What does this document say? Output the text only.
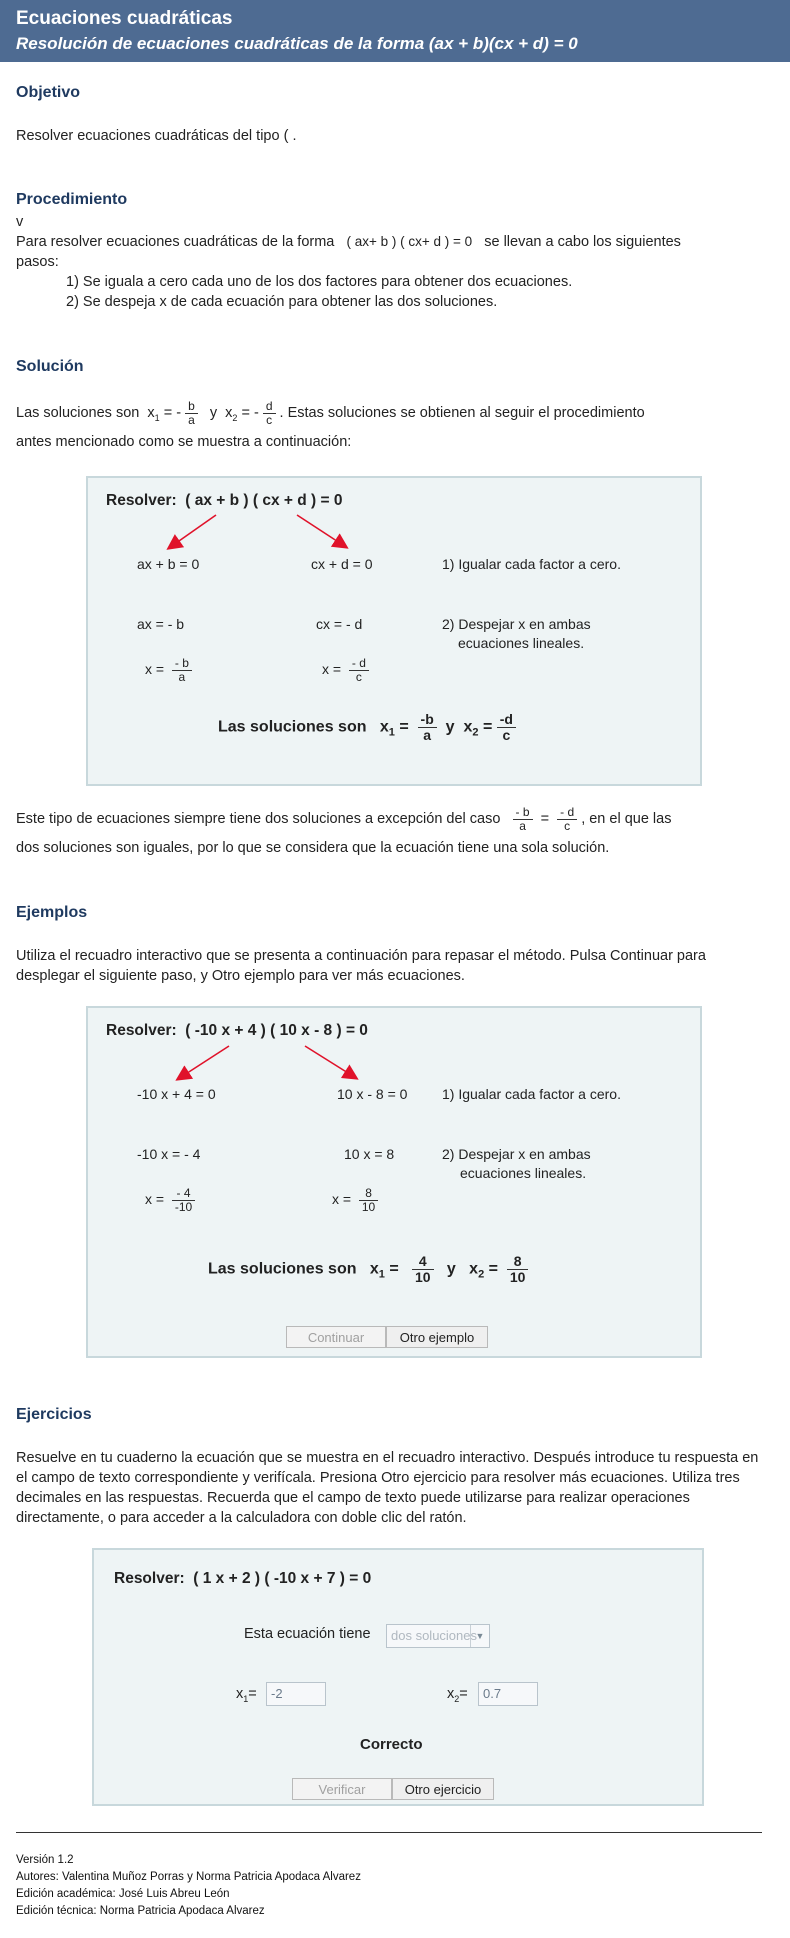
Ecuaciones cuadráticas
Resolución de ecuaciones cuadráticas de la forma (ax + b)(cx + d) = 0
Objetivo
Resolver ecuaciones cuadráticas del tipo ( .
Procedimiento
v
Para resolver ecuaciones cuadráticas de la forma ( ax+ b ) ( cx+ d ) = 0 se llevan a cabo los siguientes
pasos:
1) Se iguala a cero cada uno de los dos factores para obtener dos ecuaciones.
2) Se despeja x de cada ecuación para obtener las dos soluciones.
Solución
Las soluciones son $x_1$ = - $\frac{b}{a}$ y $x_2$ = - $\frac{d}{c}$ . Estas soluciones se obtienen al seguir el procedimiento
antes mencionado como se muestra a continuación:
Resolver: ( ax + b ) ( cx + d ) = 0
ax + b = 0	cx + d = 0	1) Igualar cada factor a cero.
ax = - b	cx = - d	2) Despejar x en ambas
ecuaciones lineales.
$x = \frac{- b}{a}$	$x = \frac{- d}{c}$
Las soluciones son $x_1 = \frac{-b}{a}$ y $x_2 = \frac{-d}{c}$
Este tipo de ecuaciones siempre tiene dos soluciones a excepción del caso $\frac{- b}{a} = \frac{- d}{c}$ , en el que las
dos soluciones son iguales, por lo que se considera que la ecuación tiene una sola solución.
Ejemplos
Utiliza el recuadro interactivo que se presenta a continuación para repasar el método. Pulsa Continuar para desplegar el siguiente paso, y Otro ejemplo para ver más ecuaciones.
Resolver: ( -10 x + 4 ) ( 10 x - 8 ) = 0
-10 x + 4 = 0	10 x - 8 = 0 1) Igualar cada factor a cero.
-10 x = - 4	10 x = 8	2) Despejar x en ambas
ecuaciones lineales.
$x = \frac{- 4}{-10}$	$x = \frac{8}{10}$
Las soluciones son $x_1 = \frac{4}{10}$ y $x_2 = \frac{8}{10}$
Continuar	Otro ejemplo
Ejercicios
Resuelve en tu cuaderno la ecuación que se muestra en el recuadro interactivo. Después introduce tu respuesta en el campo de texto correspondiente y verifícala. Presiona Otro ejercicio para resolver más ecuaciones. Utiliza tres decimales en las respuestas. Recuerda que el campo de texto puede utilizarse para realizar operaciones directamente, o para acceder a la calculadora con doble clic del ratón.
Resolver: ( 1 x + 2 ) ( -10 x + 7 ) = 0
Esta ecuación tiene	dos soluciones
▼
$x_1=$	-2	$x_2=$	0.7
Correcto
Verificar	Otro ejercicio
Versión 1.2
Autores: Valentina Muñoz Porras y Norma Patricia Apodaca Alvarez
Edición académica: José Luis Abreu León
Edición técnica: Norma Patricia Apodaca Alvarez
